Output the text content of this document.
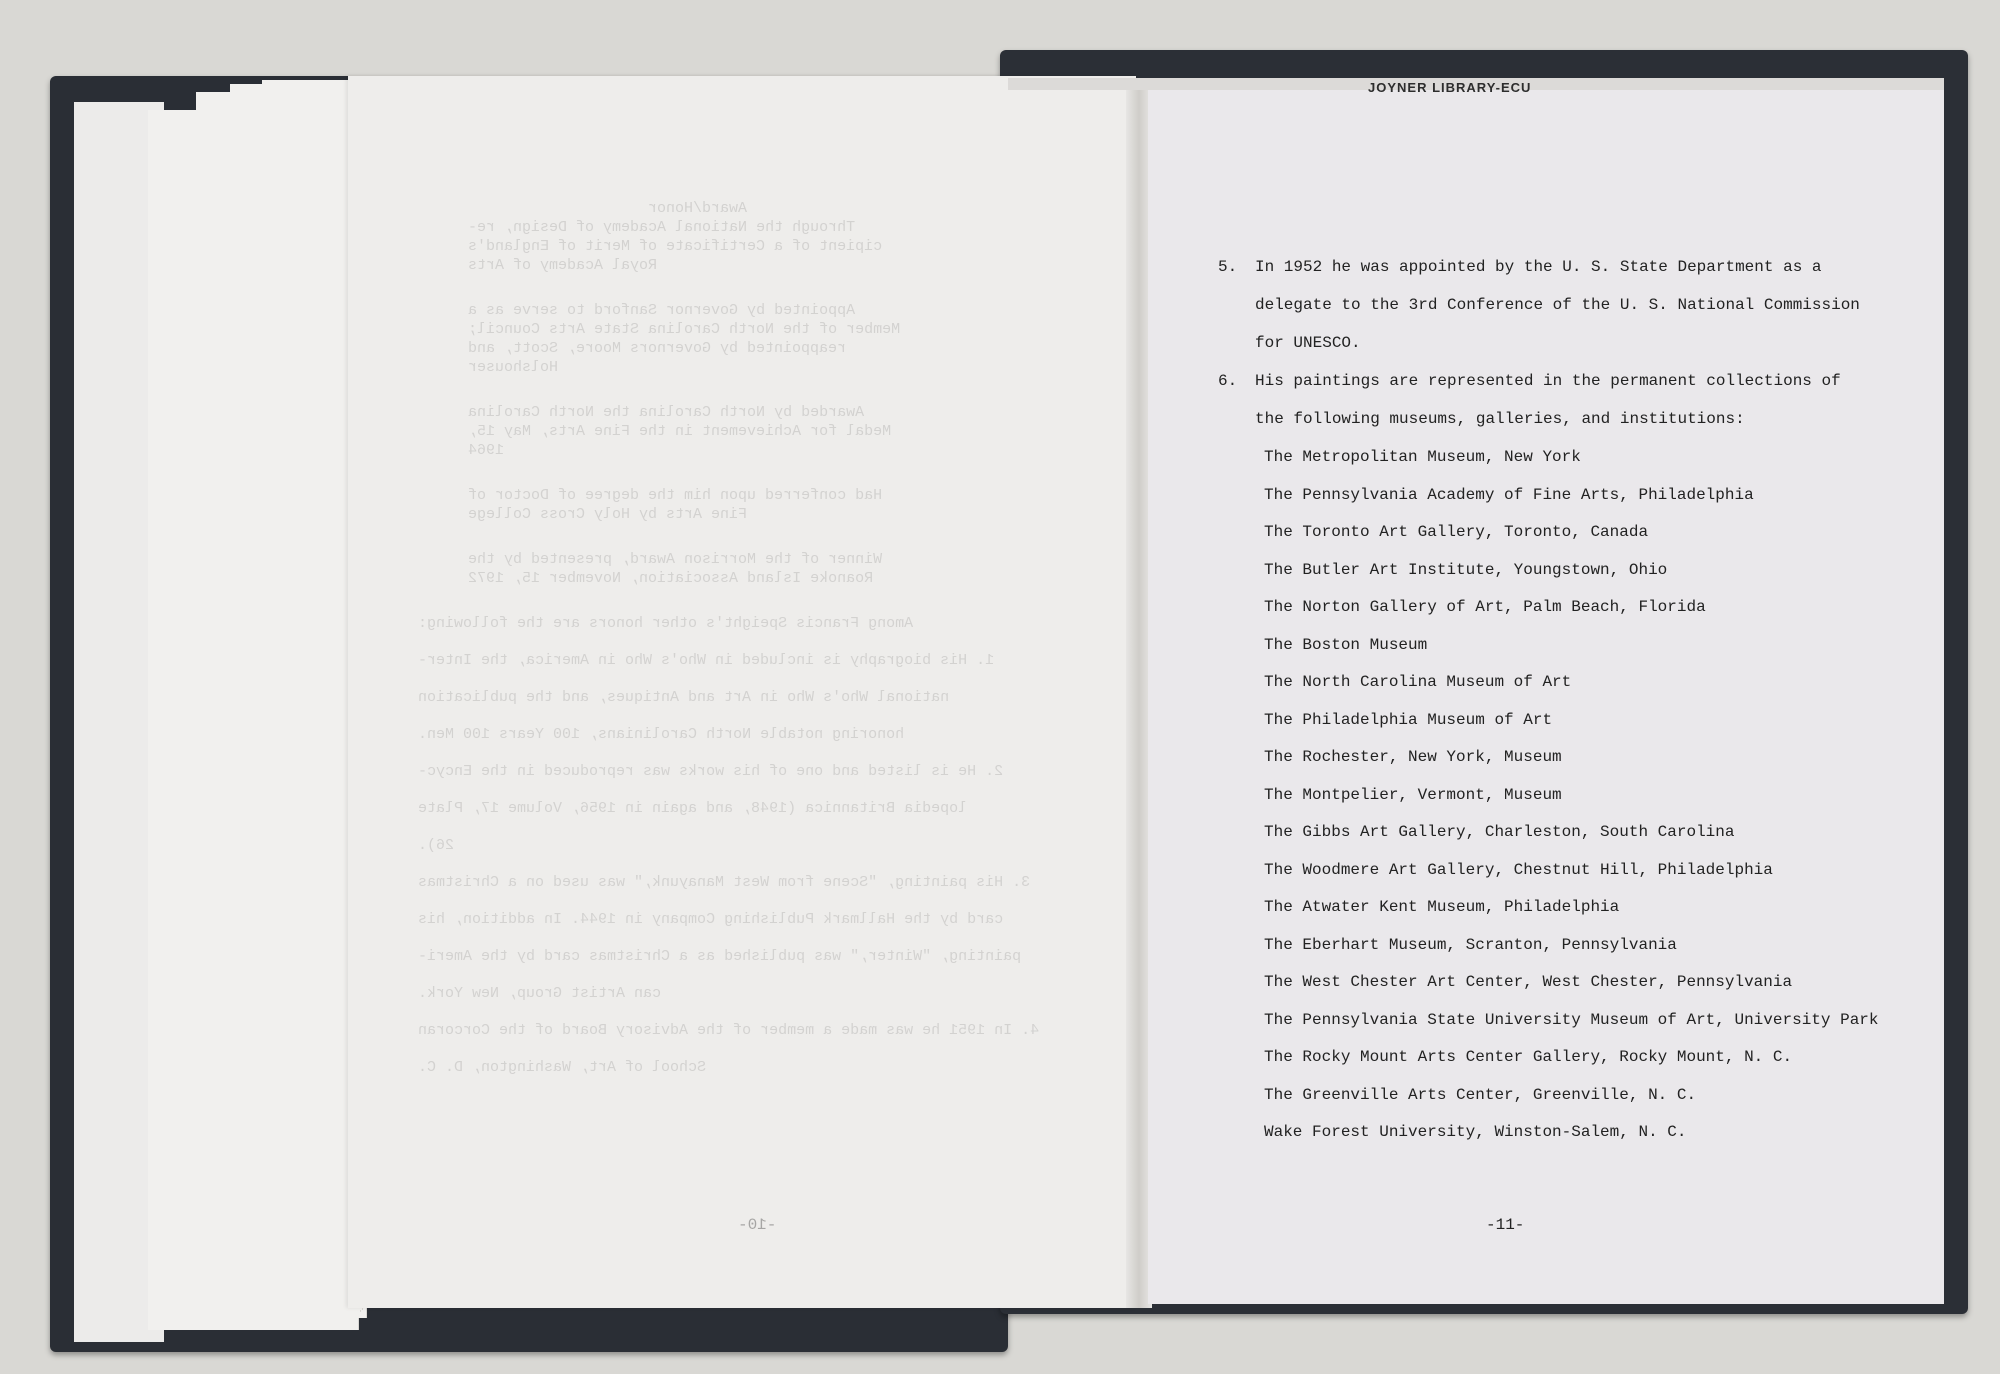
Award/Honor
Through the National Academy of Design, re-
cipient of a Certificate of Merit of England's
Royal Academy of Arts
Appointed by Governor Sanford to serve as a
Member of the North Carolina State Arts Council;
reappointed by Governors Moore, Scott, and
Holshouser
Awarded by North Carolina the North Carolina
Medal for Achievement in the Fine Arts, May 15,
1964
Had conferred upon him the degree of Doctor of
Fine Arts by Holy Cross College
Winner of the Morrison Award, presented by the
Roanoke Island Association, November 15, 1972
Among Francis Speight's other honors are the following:
1. His biography is included in Who's Who in America, the Inter-
national Who's Who in Art and Antiques, and the publication
honoring notable North Carolinians, 100 Years 100 Men.
2. He is listed and one of his works was reproduced in the Encyc-
lopedia Britannica (1948, and again in 1956, Volume 17, Plate
26).
3. His painting, "Scene from West Manayunk," was used on a Christmas
card by the Hallmark Publishing Company in 1944. In addition, his
painting, "Winter," was published as a Christmas card by the Ameri-
can Artist Group, New York.
4. In 1951 he was made a member of the Advisory Board of the Corcoran
School of Art, Washington, D. C.
-10-
JOYNER LIBRARY-ECU
5. In 1952 he was appointed by the U. S. State Department as a
delegate to the 3rd Conference of the U. S. National Commission
for UNESCO.
6. His paintings are represented in the permanent collections of
the following museums, galleries, and institutions:
The Metropolitan Museum, New York
The Pennsylvania Academy of Fine Arts, Philadelphia
The Toronto Art Gallery, Toronto, Canada
The Butler Art Institute, Youngstown, Ohio
The Norton Gallery of Art, Palm Beach, Florida
The Boston Museum
The North Carolina Museum of Art
The Philadelphia Museum of Art
The Rochester, New York, Museum
The Montpelier, Vermont, Museum
The Gibbs Art Gallery, Charleston, South Carolina
The Woodmere Art Gallery, Chestnut Hill, Philadelphia
The Atwater Kent Museum, Philadelphia
The Eberhart Museum, Scranton, Pennsylvania
The West Chester Art Center, West Chester, Pennsylvania
The Pennsylvania State University Museum of Art, University Park
The Rocky Mount Arts Center Gallery, Rocky Mount, N. C.
The Greenville Arts Center, Greenville, N. C.
Wake Forest University, Winston-Salem, N. C.
-11-
